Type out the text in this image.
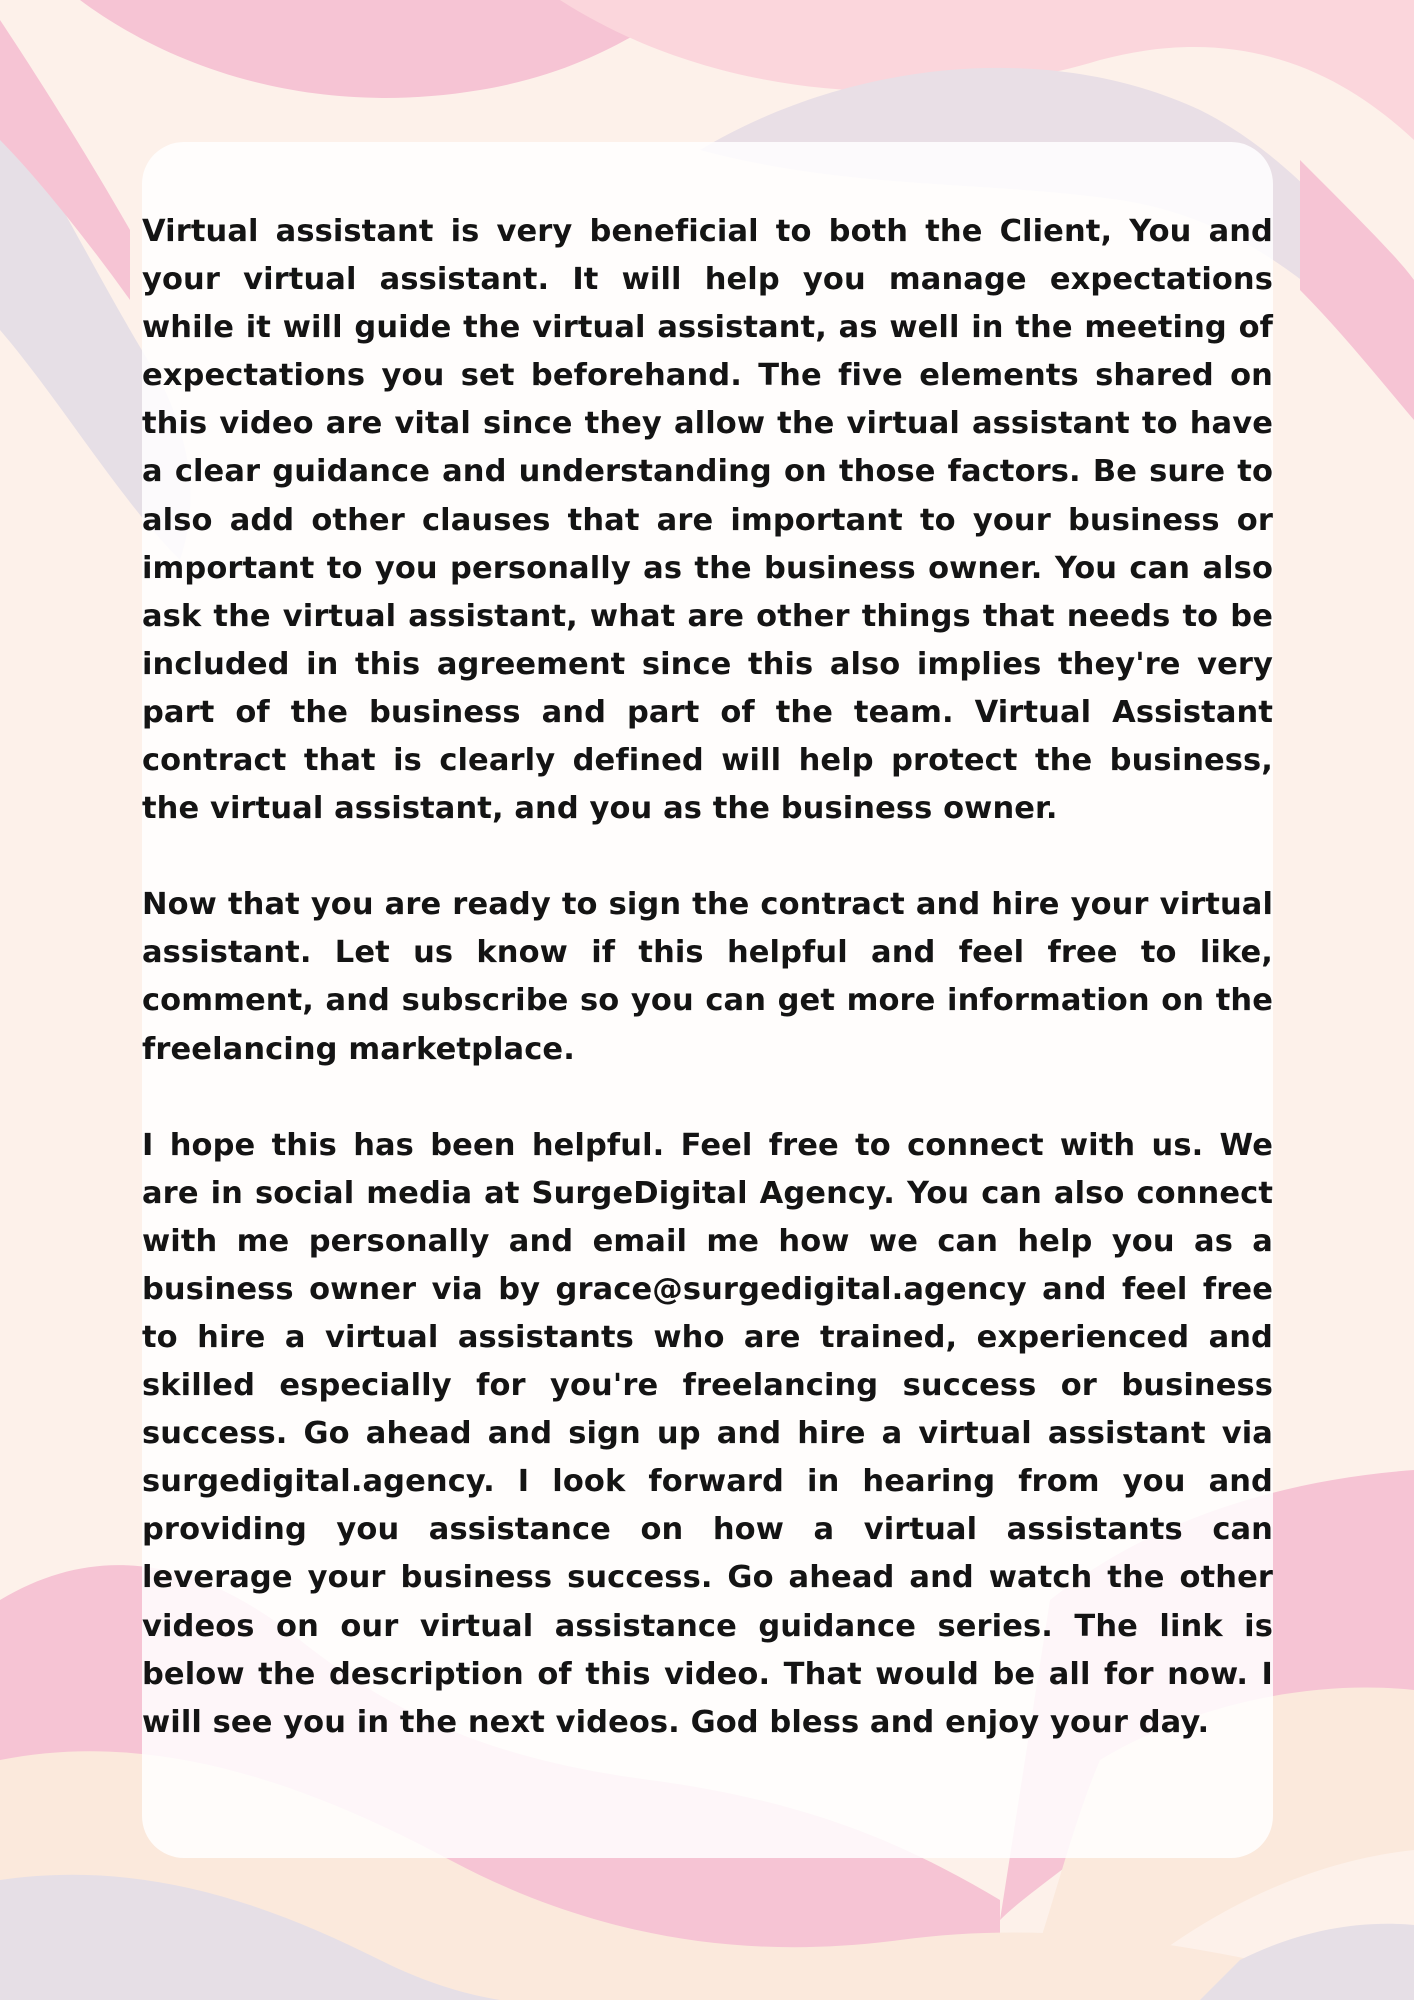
Virtual assistant is very beneficial to both the Client, You and your virtual assistant. It will help you manage expectations while it will guide the virtual assistant, as well in the meeting of expectations you set beforehand. The five elements shared on this video are vital since they allow the virtual assistant to have a clear guidance and understanding on those factors. Be sure to also add other clauses that are important to your business or important to you personally as the business owner. You can also ask the virtual assistant, what are other things that needs to be included in this agreement since this also implies they're very part of the business and part of the team. Virtual Assistant contract that is clearly defined will help protect the business, the virtual assistant, and you as the business owner.

Now that you are ready to sign the contract and hire your virtual assistant. Let us know if this helpful and feel free to like, comment, and subscribe so you can get more information on the freelancing marketplace.

I hope this has been helpful. Feel free to connect with us. We are in social media at SurgeDigital Agency. You can also connect with me personally and email me how we can help you as a business owner via by grace@surgedigital.agency and feel free to hire a virtual assistants who are trained, experienced and skilled especially for you're freelancing success or business success. Go ahead and sign up and hire a virtual assistant via surgedigital.agency. I look forward in hearing from you and providing you assistance on how a virtual assistants can leverage your business success. Go ahead and watch the other videos on our virtual assistance guidance series. The link is below the description of this video. That would be all for now. I will see you in the next videos. God bless and enjoy your day.
